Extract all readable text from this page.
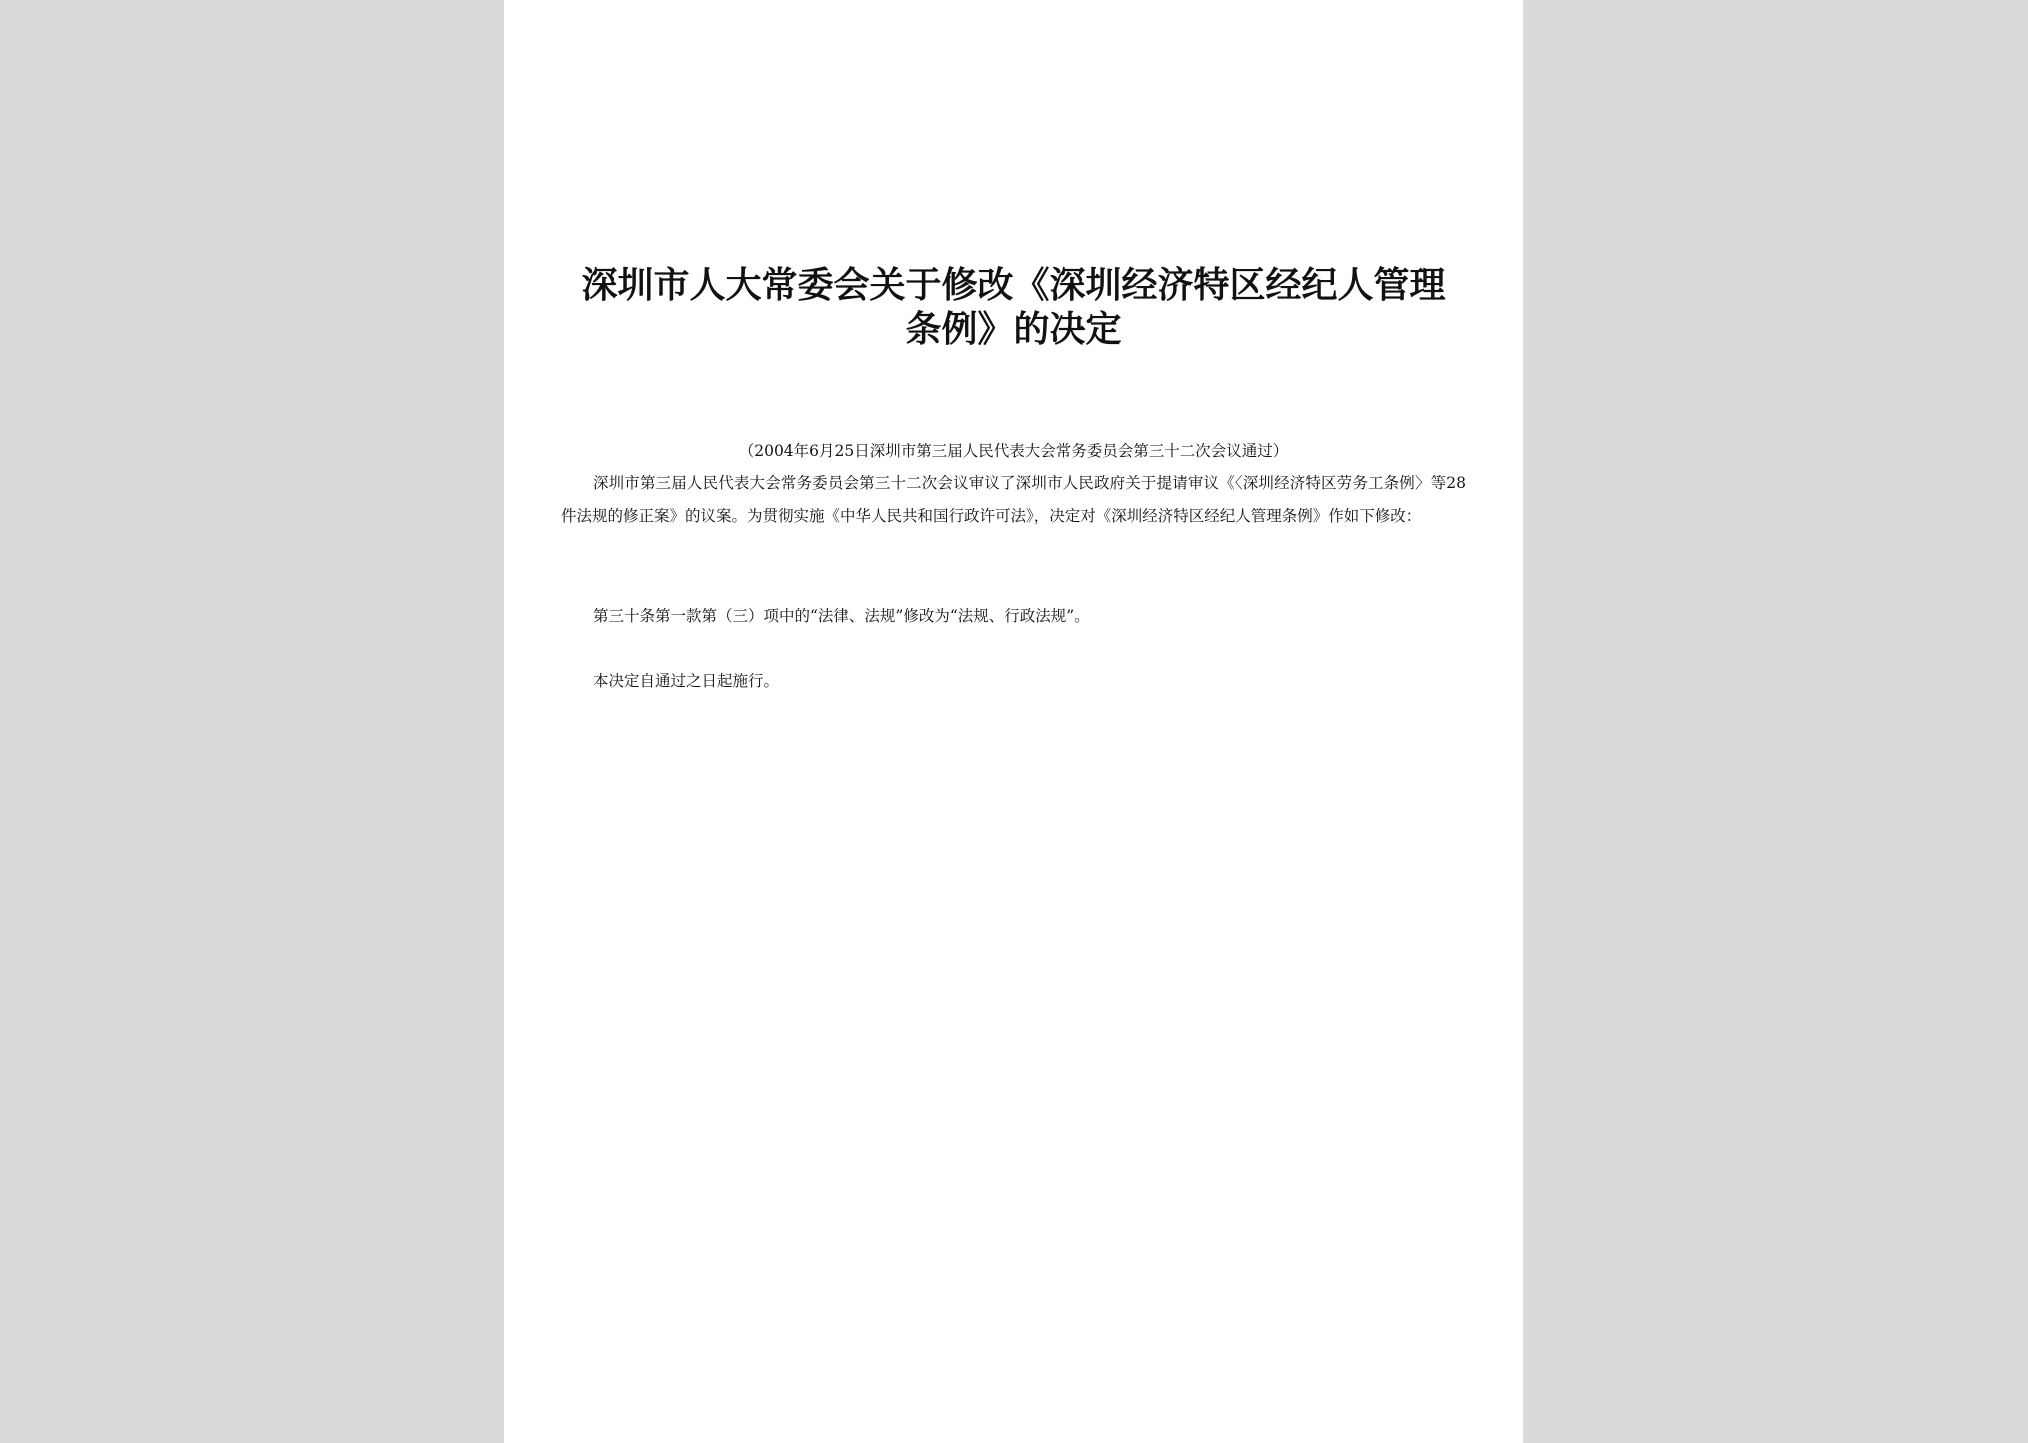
深圳市人大常委会关于修改《深圳经济特区经纪人管理
条例》的决定

（2004年6月25日深圳市第三届人民代表大会常务委员会第三十二次会议通过）

深圳市第三届人民代表大会常务委员会第三十二次会议审议了深圳市人民政府关于提请审议《〈深圳经济特区劳务工条例〉等28件法规的修正案》的议案。为贯彻实施《中华人民共和国行政许可法》，决定对《深圳经济特区经纪人管理条例》作如下修改：

第三十条第一款第（三）项中的“法律、法规”修改为“法规、行政法规”。

本决定自通过之日起施行。
